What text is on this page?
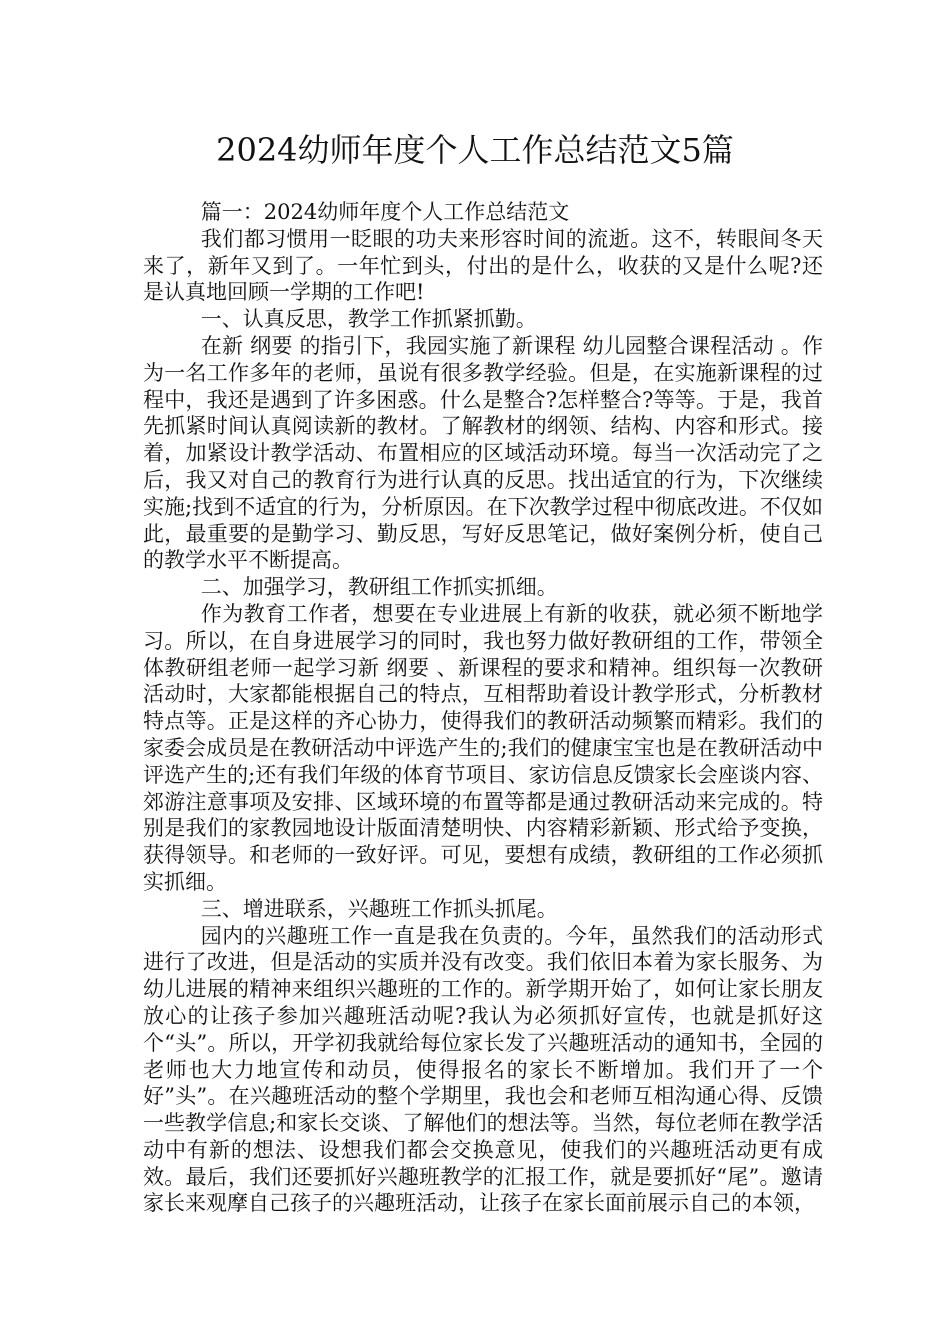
2024幼师年度个人工作总结范文5篇

篇一：2024幼师年度个人工作总结范文

我们都习惯用一眨眼的功夫来形容时间的流逝。这不，转眼间冬天来了，新年又到了。一年忙到头，付出的是什么，收获的又是什么呢?还是认真地回顾一学期的工作吧!

一、认真反思，教学工作抓紧抓勤。

在新 纲要 的指引下，我园实施了新课程 幼儿园整合课程活动 。作为一名工作多年的老师，虽说有很多教学经验。但是，在实施新课程的过程中，我还是遇到了许多困惑。什么是整合?怎样整合?等等。于是，我首先抓紧时间认真阅读新的教材。了解教材的纲领、结构、内容和形式。接着，加紧设计教学活动、布置相应的区域活动环境。每当一次活动完了之后，我又对自己的教育行为进行认真的反思。找出适宜的行为，下次继续实施;找到不适宜的行为，分析原因。在下次教学过程中彻底改进。不仅如此，最重要的是勤学习、勤反思，写好反思笔记，做好案例分析，使自己的教学水平不断提高。

二、加强学习，教研组工作抓实抓细。

作为教育工作者，想要在专业进展上有新的收获，就必须不断地学习。所以，在自身进展学习的同时，我也努力做好教研组的工作，带领全体教研组老师一起学习新 纲要 、新课程的要求和精神。组织每一次教研活动时，大家都能根据自己的特点，互相帮助着设计教学形式，分析教材特点等。正是这样的齐心协力，使得我们的教研活动频繁而精彩。我们的家委会成员是在教研活动中评选产生的;我们的健康宝宝也是在教研活动中评选产生的;还有我们年级的体育节项目、家访信息反馈家长会座谈内容、郊游注意事项及安排、区域环境的布置等都是通过教研活动来完成的。特别是我们的家教园地设计版面清楚明快、内容精彩新颖、形式给予变换，获得领导。和老师的一致好评。可见，要想有成绩，教研组的工作必须抓实抓细。

三、增进联系，兴趣班工作抓头抓尾。

园内的兴趣班工作一直是我在负责的。今年，虽然我们的活动形式进行了改进，但是活动的实质并没有改变。我们依旧本着为家长服务、为幼儿进展的精神来组织兴趣班的工作的。新学期开始了，如何让家长朋友放心的让孩子参加兴趣班活动呢?我认为必须抓好宣传，也就是抓好这个“头”。所以，开学初我就给每位家长发了兴趣班活动的通知书，全园的老师也大力地宣传和动员，使得报名的家长不断增加。我们开了一个好”头”。在兴趣班活动的整个学期里，我也会和老师互相沟通心得、反馈一些教学信息;和家长交谈、了解他们的想法等。当然，每位老师在教学活动中有新的想法、设想我们都会交换意见，使我们的兴趣班活动更有成效。最后，我们还要抓好兴趣班教学的汇报工作，就是要抓好“尾”。邀请家长来观摩自己孩子的兴趣班活动，让孩子在家长面前展示自己的本领，
